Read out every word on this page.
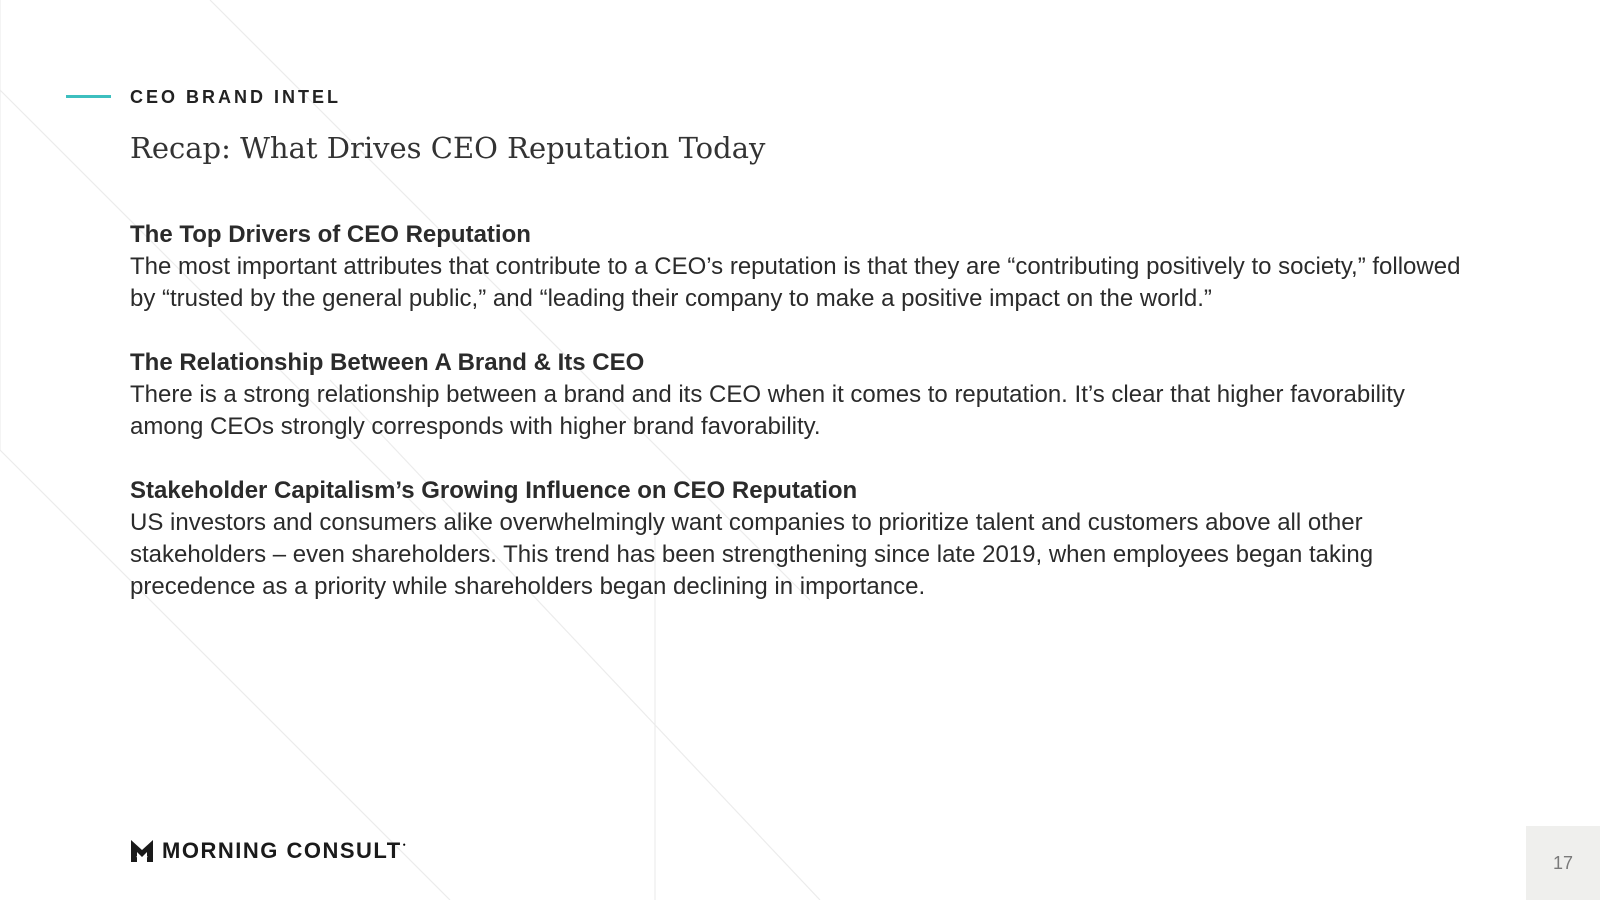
CEO BRAND INTEL
Recap: What Drives CEO Reputation Today

The Top Drivers of CEO Reputation

The most important attributes that contribute to a CEO’s reputation is that they are “contributing positively to society,” followed by “trusted by the general public,” and “leading their company to make a positive impact on the world.”

The Relationship Between A Brand & Its CEO

There is a strong relationship between a brand and its CEO when it comes to reputation. It’s clear that higher favorability among CEOs strongly corresponds with higher brand favorability.

Stakeholder Capitalism’s Growing Influence on CEO Reputation

US investors and consumers alike overwhelmingly want companies to prioritize talent and customers above all other stakeholders – even shareholders. This trend has been strengthening since late 2019, when employees began taking precedence as a priority while shareholders began declining in importance.

MORNING CONSULT •
17
